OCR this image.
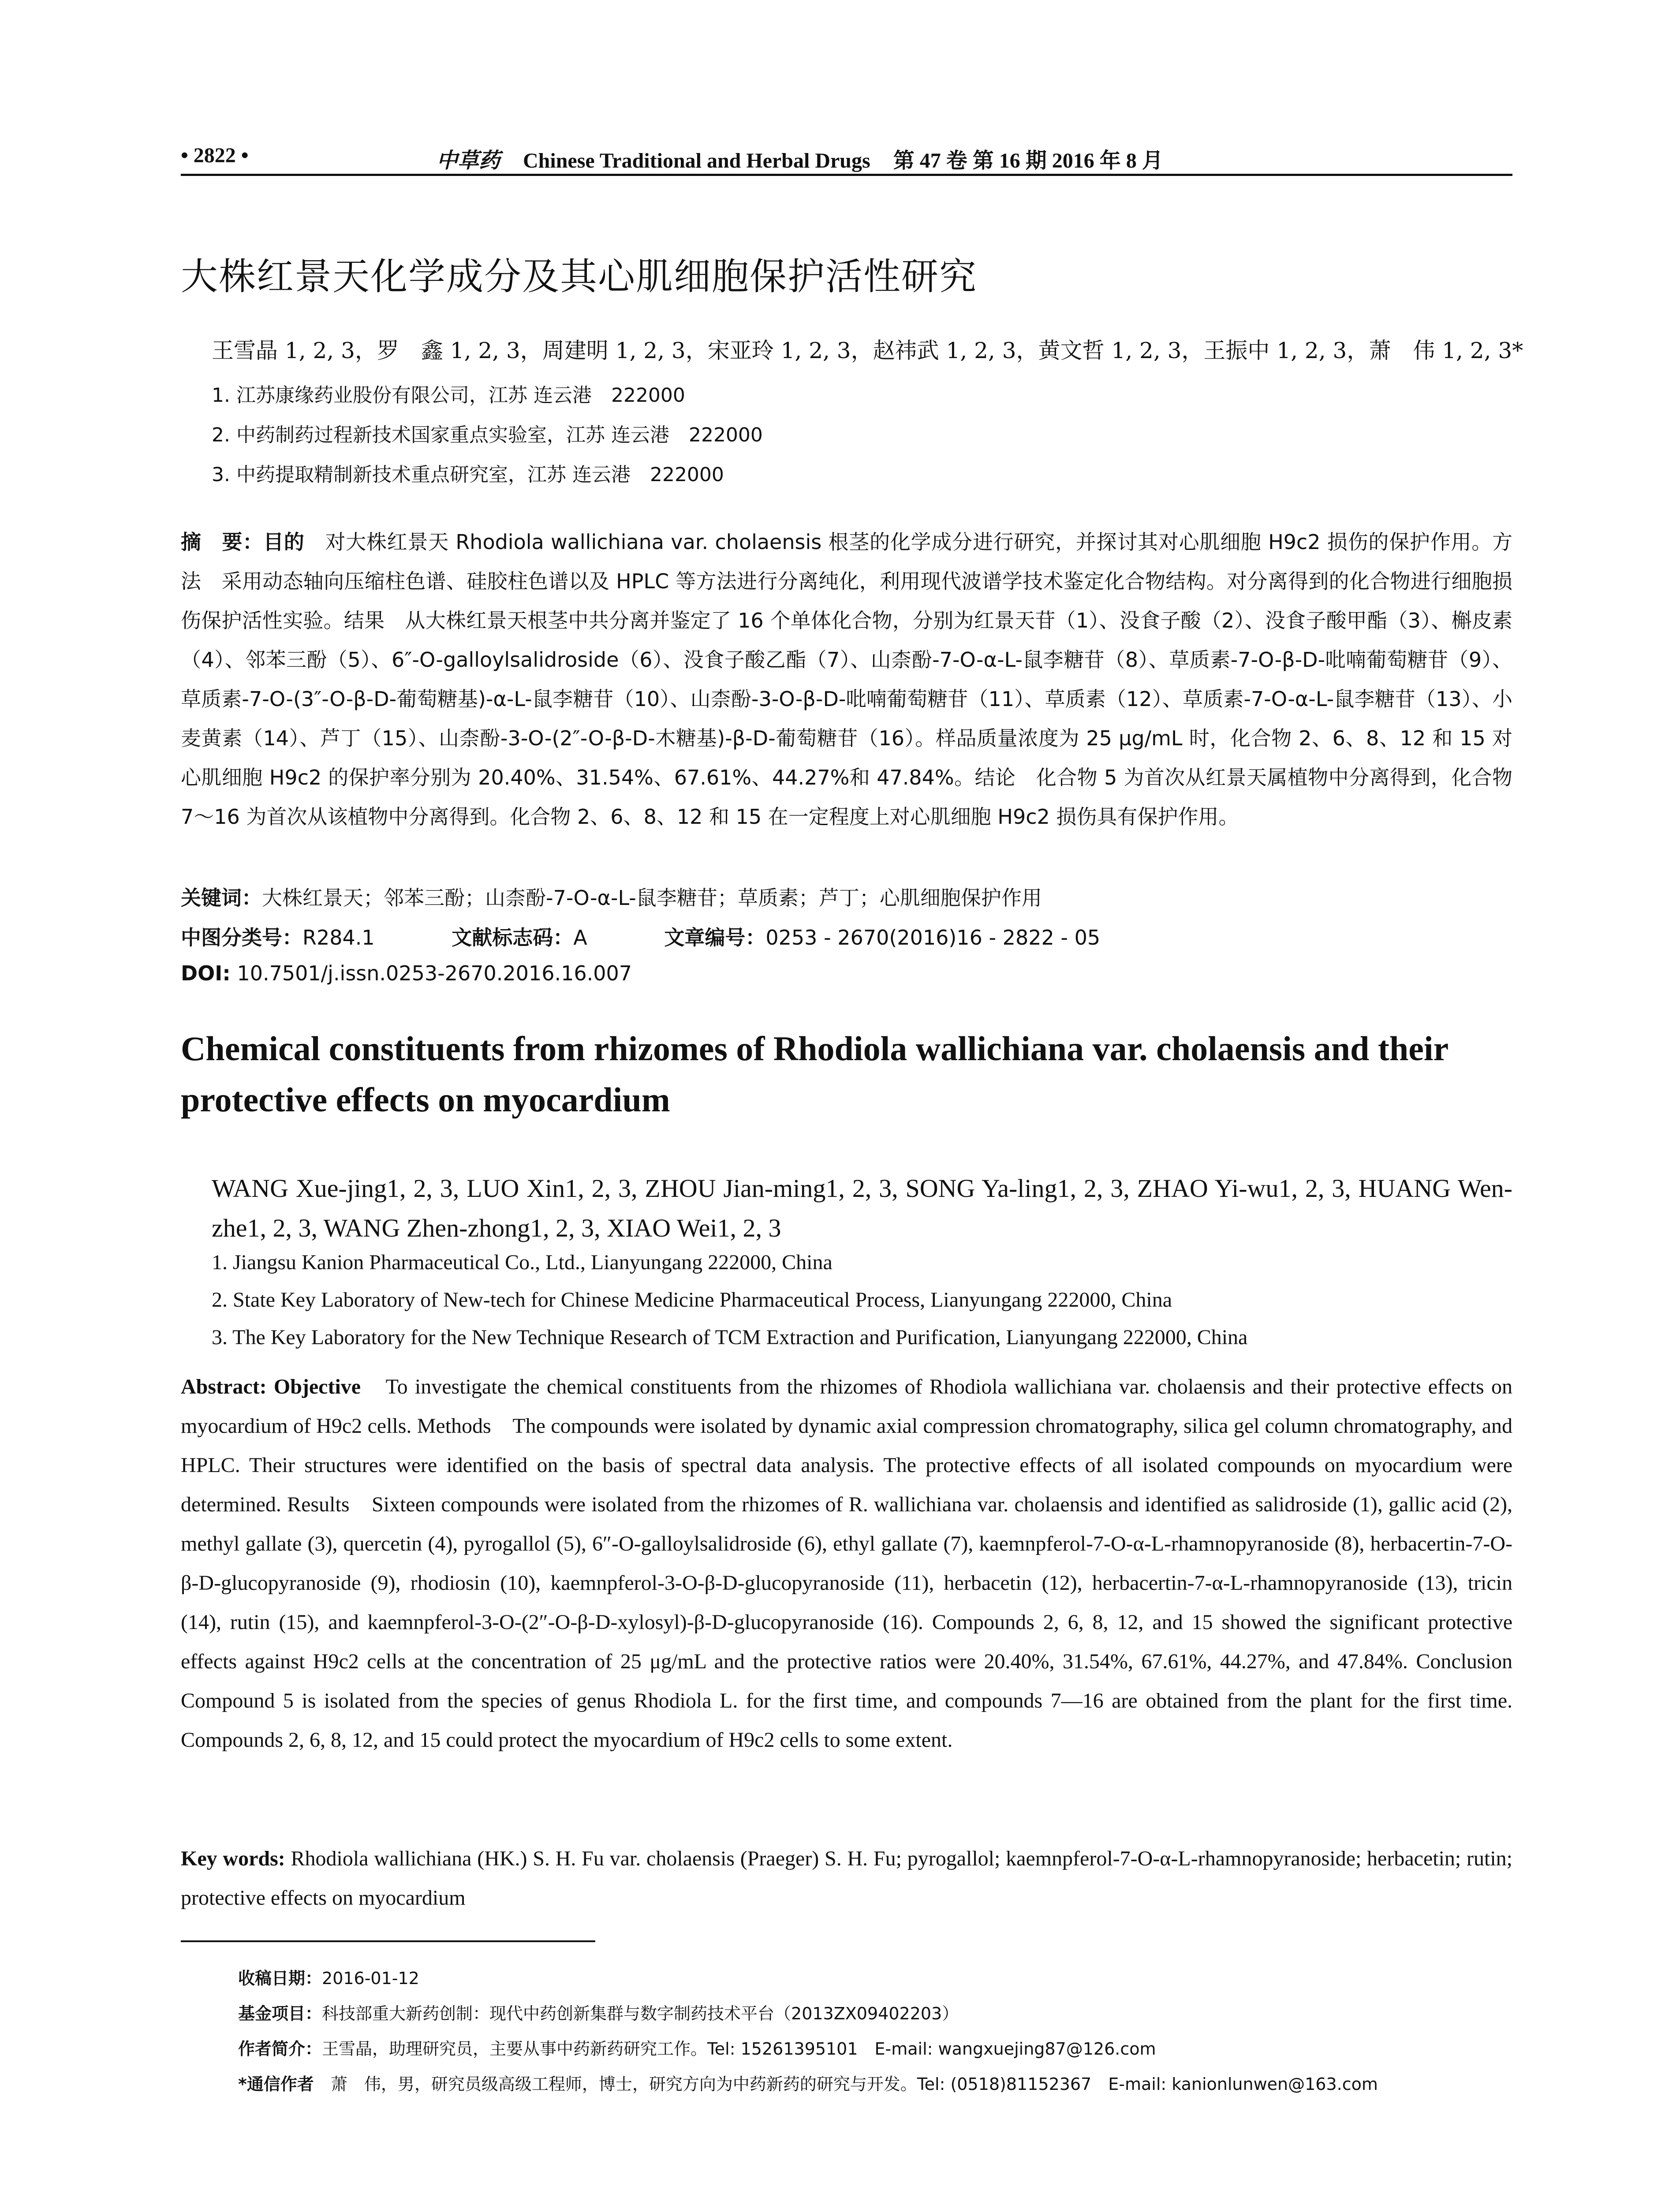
• 2822 •	中草药 Chinese Traditional and Herbal Drugs 第 47 卷 第 16 期 2016 年 8 月
大株红景天化学成分及其心肌细胞保护活性研究
王雪晶 1, 2, 3，罗　鑫 1, 2, 3，周建明 1, 2, 3，宋亚玲 1, 2, 3，赵祎武 1, 2, 3，黄文哲 1, 2, 3，王振中 1, 2, 3，萧　伟 1, 2, 3*
1. 江苏康缘药业股份有限公司，江苏 连云港　222000
2. 中药制药过程新技术国家重点实验室，江苏 连云港　222000
3. 中药提取精制新技术重点研究室，江苏 连云港　222000
摘　要：目的　 对大株红景天 Rhodiola wallichiana var. cholaensis 根茎的化学成分进行研究，并探讨其对心肌细胞 H9c2 损伤的保护作用。方法　采用动态轴向压缩柱色谱、硅胶柱色谱以及 HPLC 等方法进行分离纯化，利用现代波谱学技术鉴定化合物结构。对分离得到的化合物进行细胞损伤保护活性实验。结果　从大株红景天根茎中共分离并鉴定了 16 个单体化合物，分别为红景天苷（1）、没食子酸（2）、没食子酸甲酯（3）、槲皮素（4）、邻苯三酚（5）、6″-O-galloylsalidroside（6）、没食子酸乙酯（7）、山柰酚-7-O-α-L-鼠李糖苷（8）、草质素-7-O-β-D-吡喃葡萄糖苷（9）、草质素-7-O-(3″-O-β-D-葡萄糖基)-α-L-鼠李糖苷（10）、山柰酚-3-O-β-D-吡喃葡萄糖苷（11）、草质素（12）、草质素-7-O-α-L-鼠李糖苷（13）、小麦黄素（14）、芦丁（15）、山柰酚-3-O-(2″-O-β-D-木糖基)-β-D-葡萄糖苷（16）。样品质量浓度为 25 μg/mL 时，化合物 2、6、8、12 和 15 对心肌细胞 H9c2 的保护率分别为 20.40%、31.54%、67.61%、44.27%和 47.84%。结论　化合物 5 为首次从红景天属植物中分离得到，化合物 7～16 为首次从该植物中分离得到。化合物 2、6、8、12 和 15 在一定程度上对心肌细胞 H9c2 损伤具有保护作用。
关键词：大株红景天；邻苯三酚；山柰酚-7-O-α-L-鼠李糖苷；草质素；芦丁；心肌细胞保护作用
中图分类号：R284.1	文献标志码：A	文章编号：0253 - 2670(2016)16 - 2822 - 05
DOI: 10.7501/j.issn.0253-2670.2016.16.007
Chemical constituents from rhizomes of Rhodiola wallichiana var. cholaensis and their protective effects on myocardium
WANG Xue-jing1, 2, 3, LUO Xin1, 2, 3, ZHOU Jian-ming1, 2, 3, SONG Ya-ling1, 2, 3, ZHAO Yi-wu1, 2, 3, HUANG Wen-zhe1, 2, 3, WANG Zhen-zhong1, 2, 3, XIAO Wei1, 2, 3
1. Jiangsu Kanion Pharmaceutical Co., Ltd., Lianyungang 222000, China
2. State Key Laboratory of New-tech for Chinese Medicine Pharmaceutical Process, Lianyungang 222000, China
3. The Key Laboratory for the New Technique Research of TCM Extraction and Purification, Lianyungang 222000, China
Abstract: Objective　 To investigate the chemical constituents from the rhizomes of Rhodiola wallichiana var. cholaensis and their protective effects on myocardium of H9c2 cells. Methods　The compounds were isolated by dynamic axial compression chromatography, silica gel column chromatography, and HPLC. Their structures were identified on the basis of spectral data analysis. The protective effects of all isolated compounds on myocardium were determined. Results　Sixteen compounds were isolated from the rhizomes of R. wallichiana var. cholaensis and identified as salidroside (1), gallic acid (2), methyl gallate (3), quercetin (4), pyrogallol (5), 6″-O-galloylsalidroside (6), ethyl gallate (7), kaemnpferol-7-O-α-L-rhamnopyranoside (8), herbacertin-7-O-β-D-glucopyranoside (9), rhodiosin (10), kaemnpferol-3-O-β-D-glucopyranoside (11), herbacetin (12), herbacertin-7-α-L-rhamnopyranoside (13), tricin (14), rutin (15), and kaemnpferol-3-O-(2″-O-β-D-xylosyl)-β-D-glucopyranoside (16). Compounds 2, 6, 8, 12, and 15 showed the significant protective effects against H9c2 cells at the concentration of 25 μg/mL and the protective ratios were 20.40%, 31.54%, 67.61%, 44.27%, and 47.84%. Conclusion　Compound 5 is isolated from the species of genus Rhodiola L. for the first time, and compounds 7—16 are obtained from the plant for the first time. Compounds 2, 6, 8, 12, and 15 could protect the myocardium of H9c2 cells to some extent.
Key words: Rhodiola wallichiana (HK.) S. H. Fu var. cholaensis (Praeger) S. H. Fu; pyrogallol; kaemnpferol-7-O-α-L-rhamnopyranoside; herbacetin; rutin; protective effects on myocardium
收稿日期：2016-01-12
基金项目：科技部重大新药创制：现代中药创新集群与数字制药技术平台（2013ZX09402203）
作者简介：王雪晶，助理研究员，主要从事中药新药研究工作。Tel: 15261395101　E-mail: wangxuejing87@126.com
*通信作者　 萧　伟，男，研究员级高级工程师，博士，研究方向为中药新药的研究与开发。Tel: (0518)81152367　E-mail: kanionlunwen@163.com
